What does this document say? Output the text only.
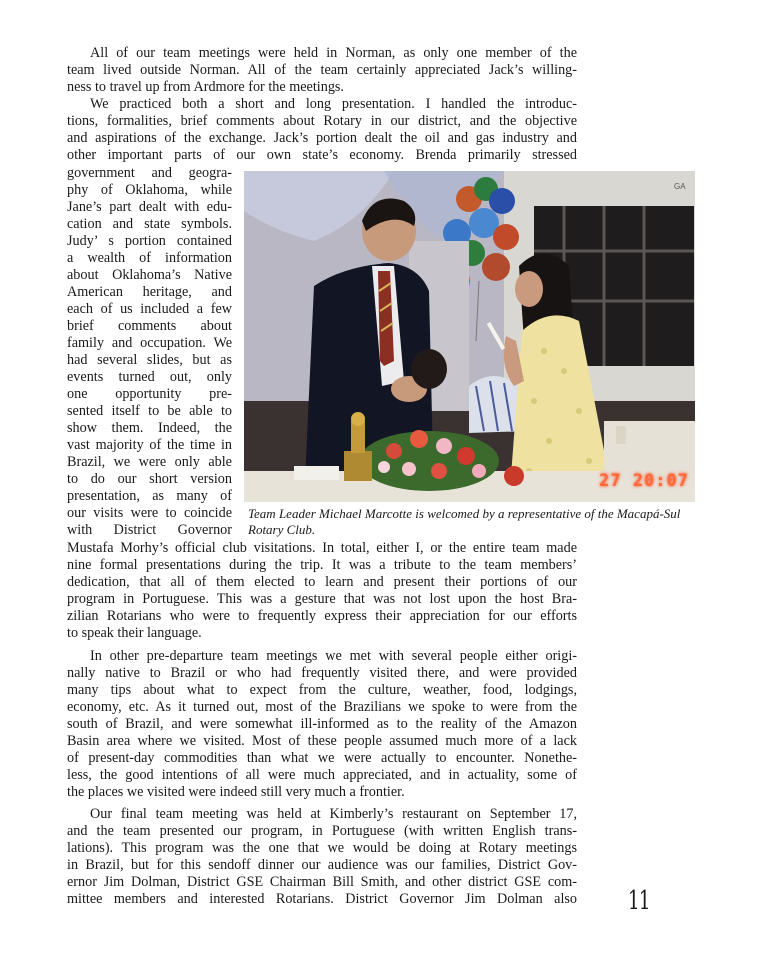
All of our team meetings were held in Norman, as only one member of the
team lived outside Norman. All of the team certainly appreciated Jack’s willing-
ness to travel up from Ardmore for the meetings.
We practiced both a short and long presentation. I handled the introduc-
tions, formalities, brief comments about Rotary in our district, and the objective
and aspirations of the exchange. Jack’s portion dealt the oil and gas industry and
other important parts of our own state’s economy. Brenda primarily stressed
government and geogra-
phy of Oklahoma, while
Jane’s part dealt with edu-
cation and state symbols.
Judy’ s portion contained
a wealth of information
about Oklahoma’s Native
American heritage, and
each of us included a few
brief comments about
family and occupation. We
had several slides, but as
events turned out, only
one opportunity pre-
sented itself to be able to
show them. Indeed, the
vast majority of the time in
Brazil, we were only able
to do our short version
presentation, as many of
our visits were to coincide
with District Governor
GA
27 20:07
Team Leader Michael Marcotte is welcomed by a representative of the Macapá-Sul
Rotary Club.
Mustafa Morhy’s official club visitations. In total, either I, or the entire team made
nine formal presentations during the trip. It was a tribute to the team members’
dedication, that all of them elected to learn and present their portions of our
program in Portuguese. This was a gesture that was not lost upon the host Bra-
zilian Rotarians who were to frequently express their appreciation for our efforts
to speak their language.
In other pre-departure team meetings we met with several people either origi-
nally native to Brazil or who had frequently visited there, and were provided
many tips about what to expect from the culture, weather, food, lodgings,
economy, etc. As it turned out, most of the Brazilians we spoke to were from the
south of Brazil, and were somewhat ill-informed as to the reality of the Amazon
Basin area where we visited. Most of these people assumed much more of a lack
of present-day commodities than what we were actually to encounter. Nonethe-
less, the good intentions of all were much appreciated, and in actuality, some of
the places we visited were indeed still very much a frontier.
Our final team meeting was held at Kimberly’s restaurant on September 17,
and the team presented our program, in Portuguese (with written English trans-
lations). This program was the one that we would be doing at Rotary meetings
in Brazil, but for this sendoff dinner our audience was our families, District Gov-
ernor Jim Dolman, District GSE Chairman Bill Smith, and other district GSE com-
mittee members and interested Rotarians. District Governor Jim Dolman also 11
